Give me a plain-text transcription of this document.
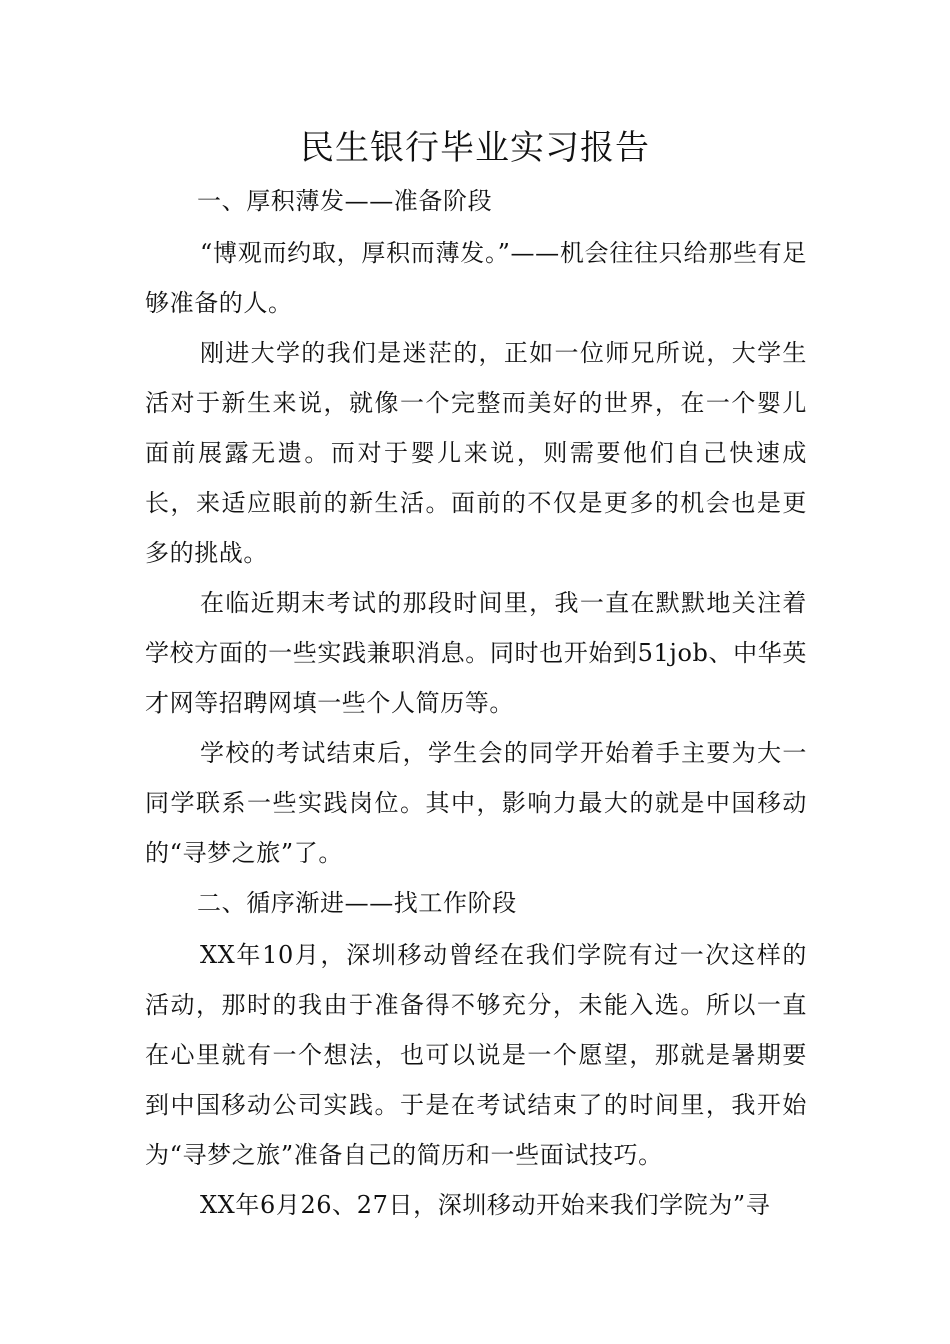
民生银行毕业实习报告

一、厚积薄发——准备阶段

“博观而约取，厚积而薄发。”——机会往往只给那些有足够准备的人。

刚进大学的我们是迷茫的，正如一位师兄所说，大学生活对于新生来说，就像一个完整而美好的世界，在一个婴儿面前展露无遗。而对于婴儿来说，则需要他们自己快速成长，来适应眼前的新生活。面前的不仅是更多的机会也是更多的挑战。

在临近期末考试的那段时间里，我一直在默默地关注着学校方面的一些实践兼职消息。同时也开始到51job、中华英才网等招聘网填一些个人简历等。

学校的考试结束后，学生会的同学开始着手主要为大一同学联系一些实践岗位。其中，影响力最大的就是中国移动的“寻梦之旅”了。

二、循序渐进——找工作阶段

XX年10月，深圳移动曾经在我们学院有过一次这样的活动，那时的我由于准备得不够充分，未能入选。所以一直在心里就有一个想法，也可以说是一个愿望，那就是暑期要到中国移动公司实践。于是在考试结束了的时间里，我开始为“寻梦之旅”准备自己的简历和一些面试技巧。

XX年6月26、27日，深圳移动开始来我们学院为”寻
